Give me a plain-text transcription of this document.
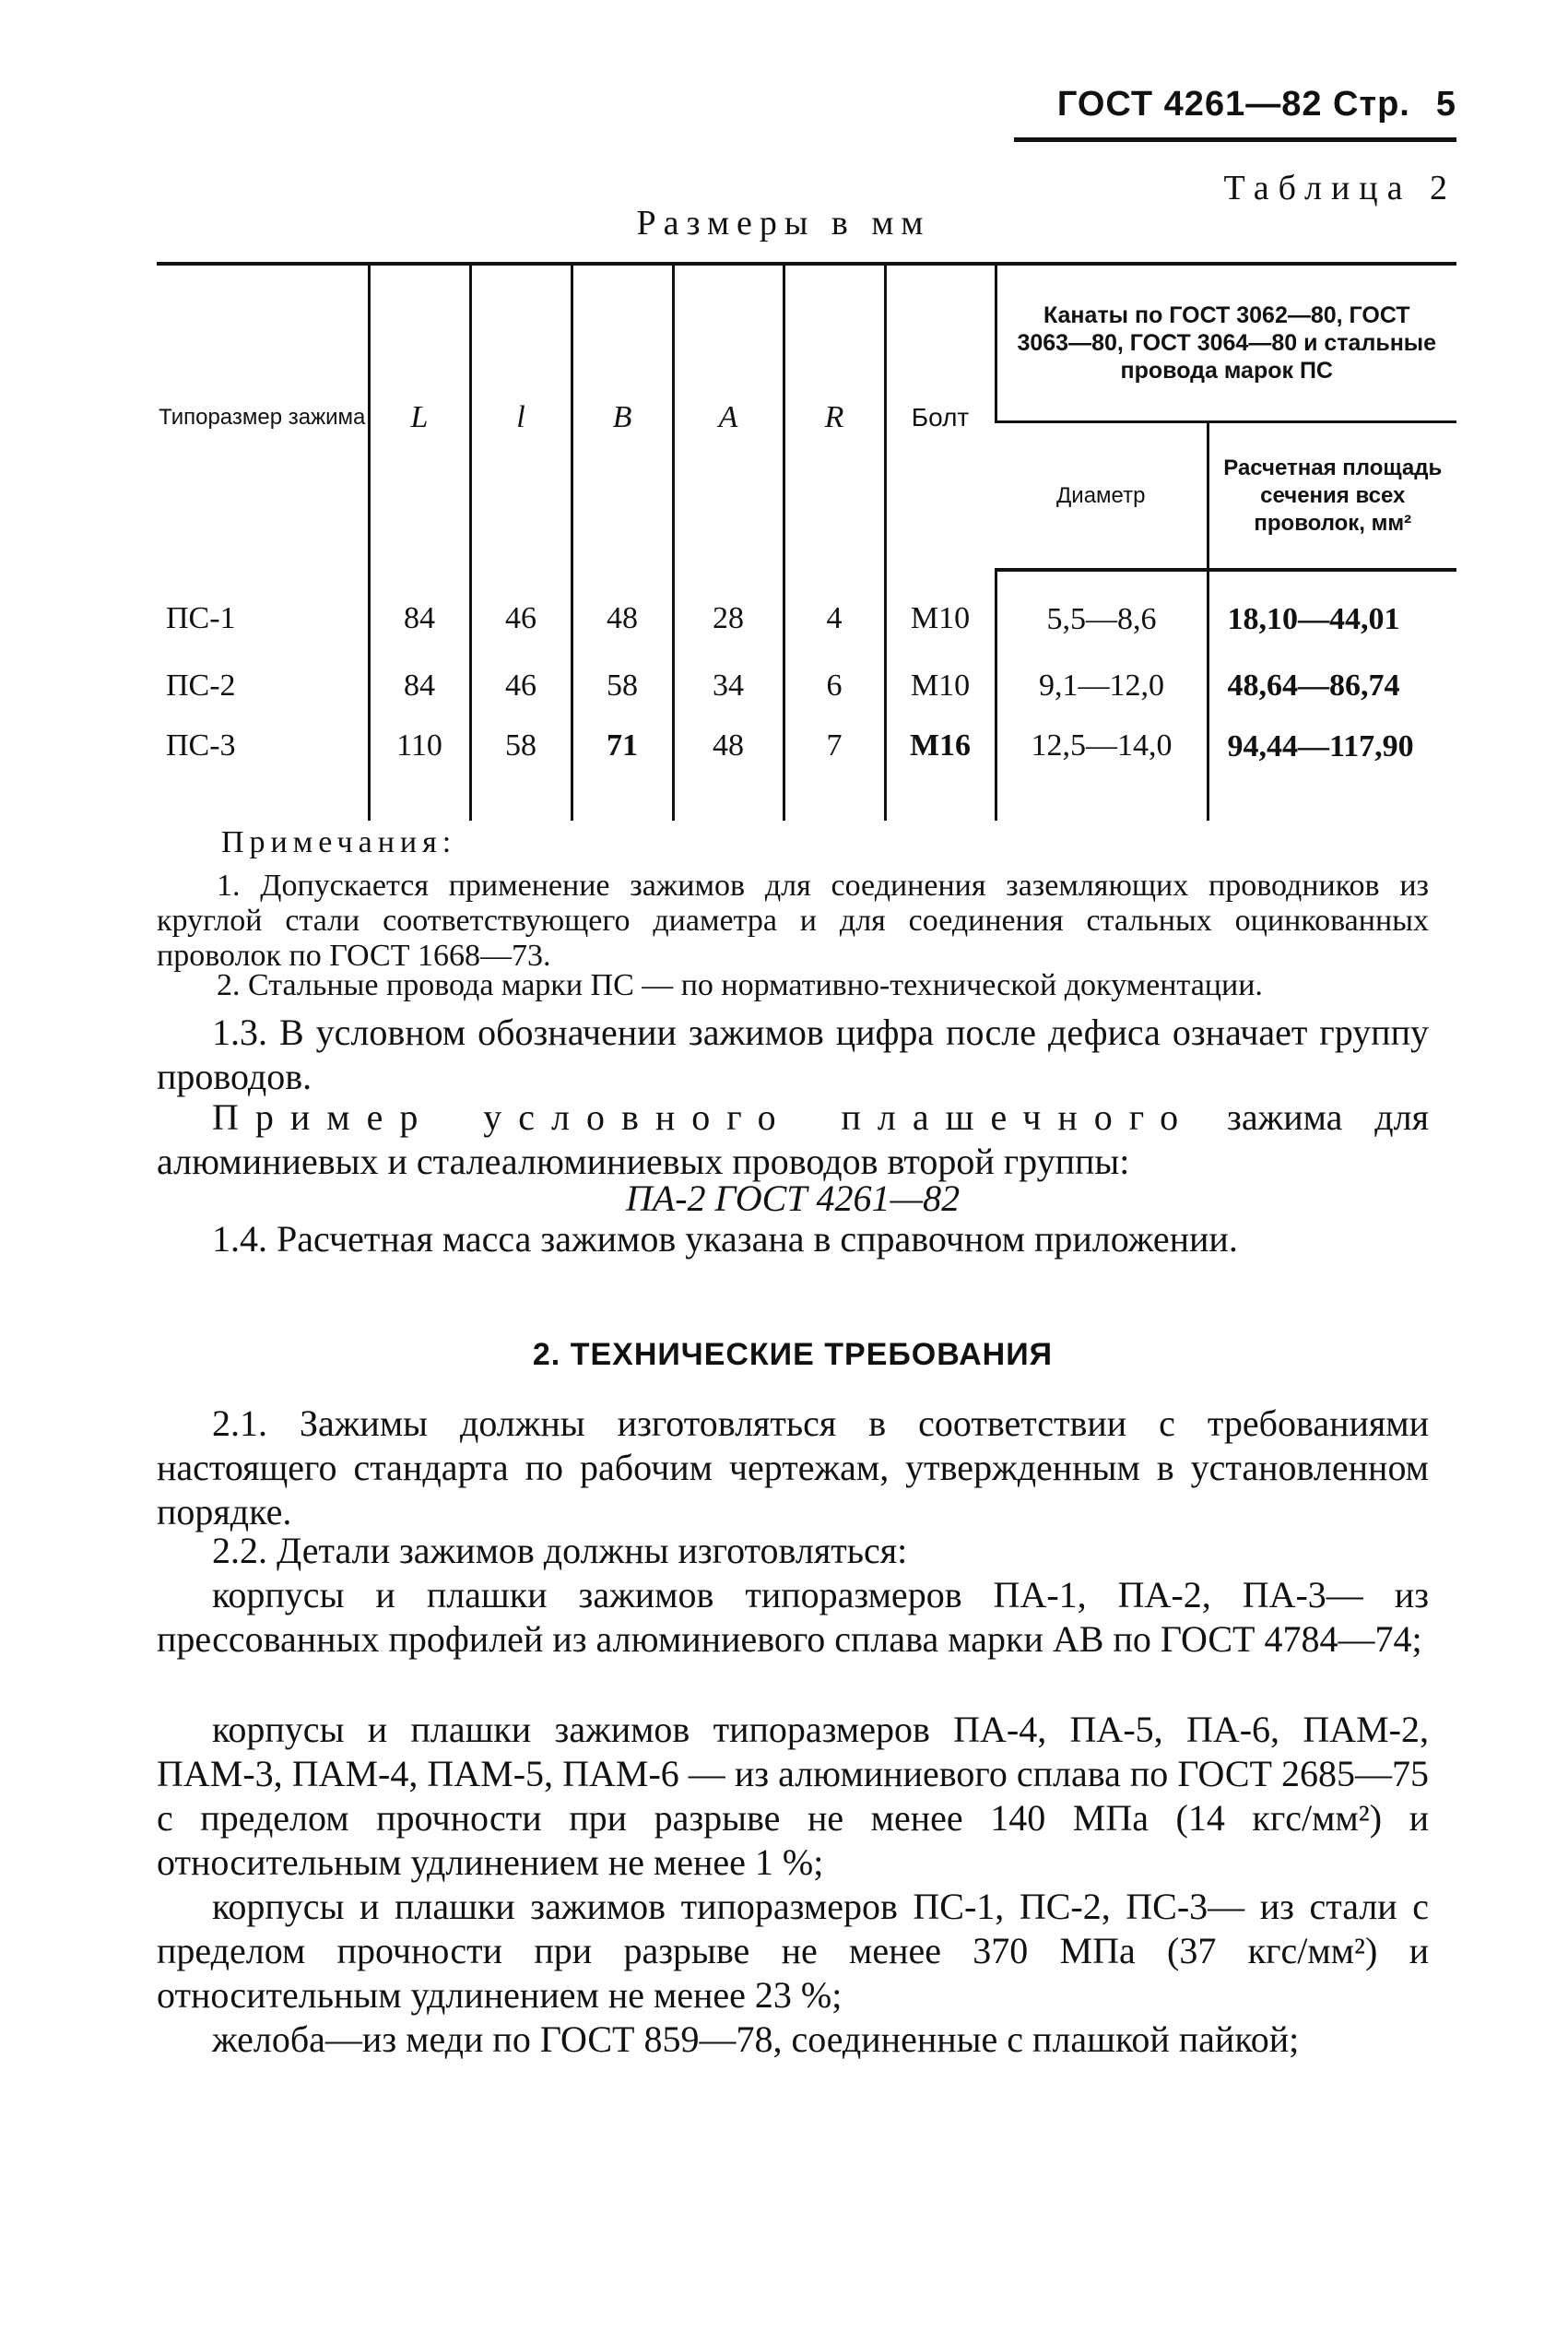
ГОСТ 4261—82 Стр. 5
Таблица 2
Размеры в мм
Типоразмер зажима	L	l	B	A	R	Болт	Канаты по ГОСТ 3062—80, ГОСТ 3063—80, ГОСТ 3064—80 и стальные провода марок ПС	
							Диаметр	Расчетная площадь сечения всех проволок, мм²
ПС-1	84	46	48	28	4	М10	5,5—8,6	18,10—44,01
ПС-2	84	46	58	34	6	М10	9,1—12,0	48,64—86,74
ПС-3	110	58	71	48	7	М16	12,5—14,0	94,44—117,90
Примечания:
1. Допускается применение зажимов для соединения заземляющих проводников из круглой стали соответствующего диаметра и для соединения стальных оцинкованных проволок по ГОСТ 1668—73.
2. Стальные провода марки ПС — по нормативно-технической документации.
1.3. В условном обозначении зажимов цифра после дефиса означает группу проводов.
Пример условного плашечного зажима для алюминиевых и сталеалюминиевых проводов второй группы:
ПА-2 ГОСТ 4261—82
1.4. Расчетная масса зажимов указана в справочном приложении.
2. ТЕХНИЧЕСКИЕ ТРЕБОВАНИЯ
2.1. Зажимы должны изготовляться в соответствии с требованиями настоящего стандарта по рабочим чертежам, утвержденным в установленном порядке.
2.2. Детали зажимов должны изготовляться:
корпусы и плашки зажимов типоразмеров ПА-1, ПА-2, ПА-3— из прессованных профилей из алюминиевого сплава марки АВ по ГОСТ 4784—74;
корпусы и плашки зажимов типоразмеров ПА-4, ПА-5, ПА-6, ПАМ-2, ПАМ-3, ПАМ-4, ПАМ-5, ПАМ-6 — из алюминиевого сплава по ГОСТ 2685—75 с пределом прочности при разрыве не менее 140 МПа (14 кгс/мм²) и относительным удлинением не менее 1 %;
корпусы и плашки зажимов типоразмеров ПС-1, ПС-2, ПС-3— из стали с пределом прочности при разрыве не менее 370 МПа (37 кгс/мм²) и относительным удлинением не менее 23 %;
желоба—из меди по ГОСТ 859—78, соединенные с плашкой пайкой;
